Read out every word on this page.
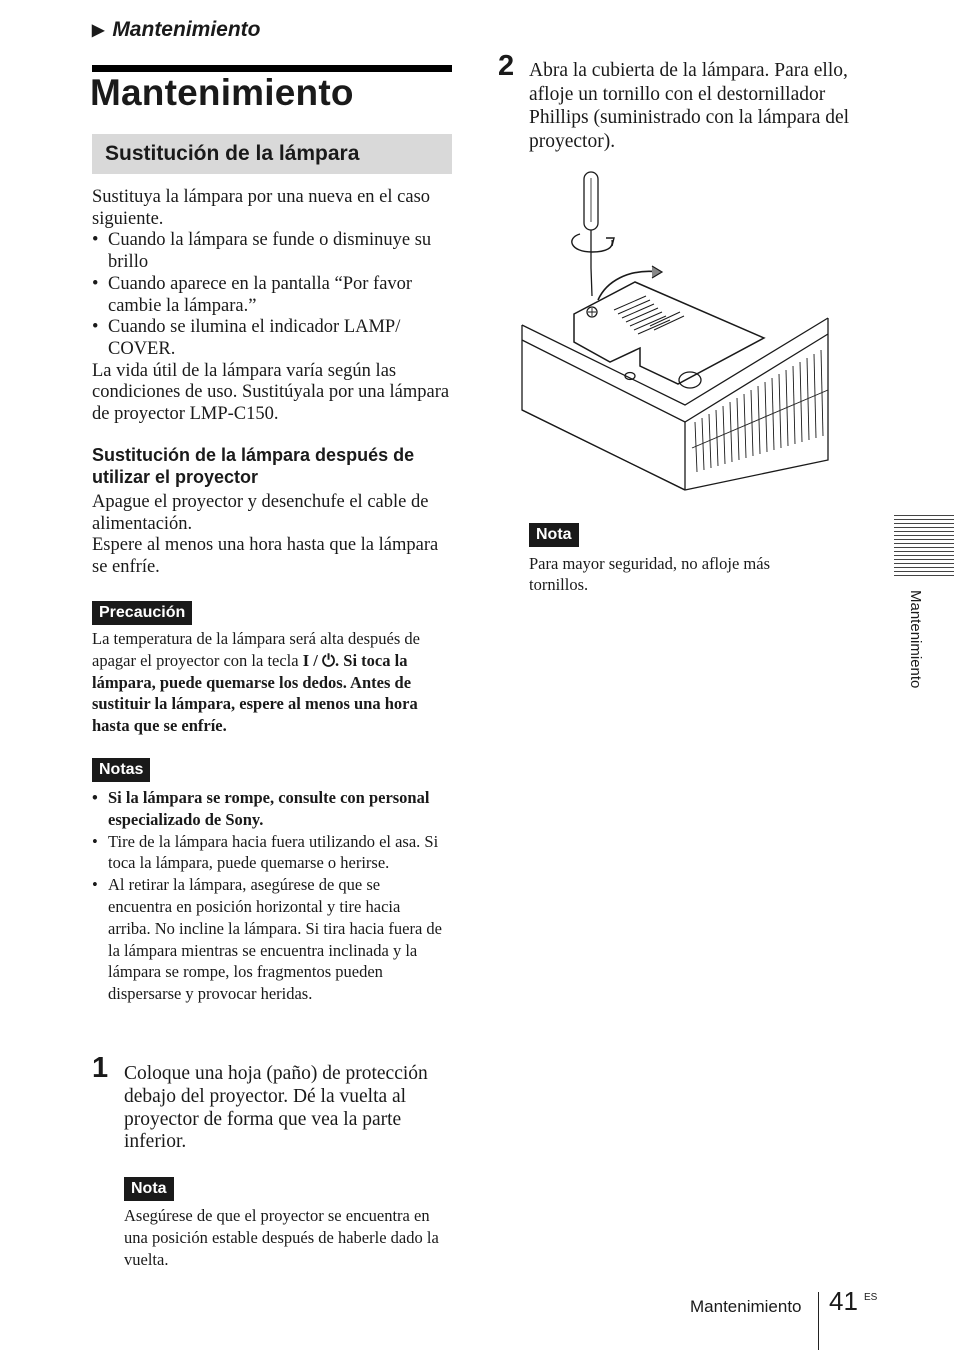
▶ Mantenimiento
Mantenimiento
Sustitución de la lámpara
Sustituya la lámpara por una nueva en el caso siguiente.
• Cuando la lámpara se funde o disminuye su brillo
• Cuando aparece en la pantalla “Por favor cambie la lámpara.”
• Cuando se ilumina el indicador LAMP/ COVER.
La vida útil de la lámpara varía según las condiciones de uso. Sustitúyala por una lámpara de proyector LMP-C150.
Sustitución de la lámpara después de utilizar el proyector
Apague el proyector y desenchufe el cable de alimentación.
Espere al menos una hora hasta que la lámpara se enfríe.
Precaución
La temperatura de la lámpara será alta después de apagar el proyector con la tecla I / ⏻. Si toca la lámpara, puede quemarse los dedos. Antes de sustituir la lámpara, espere al menos una hora hasta que se enfríe.
Notas
• Si la lámpara se rompe, consulte con personal especializado de Sony.
• Tire de la lámpara hacia fuera utilizando el asa. Si toca la lámpara, puede quemarse o herirse.
• Al retirar la lámpara, asegúrese de que se encuentra en posición horizontal y tire hacia arriba. No incline la lámpara. Si tira hacia fuera de la lámpara mientras se encuentra inclinada y la lámpara se rompe, los fragmentos pueden dispersarse y provocar heridas.
1 Coloque una hoja (paño) de protección debajo del proyector. Dé la vuelta al proyector de forma que vea la parte inferior.
Nota
Asegúrese de que el proyector se encuentra en una posición estable después de haberle dado la vuelta.
2 Abra la cubierta de la lámpara. Para ello, afloje un tornillo con el destornillador Phillips (suministrado con la lámpara del proyector).
Nota
Para mayor seguridad, no afloje más tornillos.
Mantenimiento
Mantenimiento 41 ES
